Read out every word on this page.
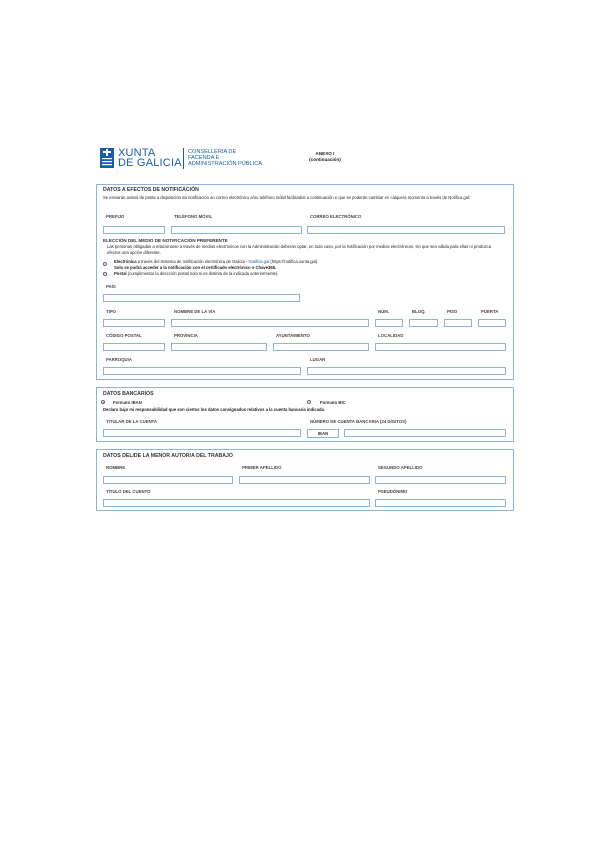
XUNTA
DE GALICIA
CONSELLERÍA DE
FACENDA E
ADMINISTRACIÓN PÚBLICA
ANEXO I
(continuación)
DATOS A EFECTOS DE NOTIFICACIÓN
Se enviarán avisos de posta a disposición da notificación ao correo electrónico e/ou teléfono móbil facilitados a continuación e que se poderán cambiar en calquera momento a través de Notifica.gal:
PREFIJO	TELÉFONO MÓVIL	CORREO ELECTRÓNICO
ELECCIÓN DEL MEDIO DE NOTIFICACIÓN PREFERENTE
Las personas obligadas a relacionarse a través de medios electrónicos con la Administración deberán optar, en todo caso, por la notificación por medios electrónicos, sin que sea válida para ellas ni produzca efectos una opción diferente.
Electrónica a través del Sistema de notificación electrónica de Galicia - Notifica.gal (https://notifica.xunta.gal).
Solo se podrá acceder a la notificación con el certificado electrónico o Chave365.
Postal (cumplimentar la dirección postal solo si es distinta de la indicada anteriormente).
PAÍS
TIPO	NOMBRE DE LA VÍA	NÚM.	BLOQ.	PISO	PUERTA
CÓDIGO POSTAL	PROVINCIA	AYUNTAMIENTO	LOCALIDAD
PARROQUIA	LUGAR
DATOS BANCARIOS
Formato IBAN	Formato BIC
Declaro bajo mi responsabilidad que son ciertos los datos consignados relativos a la cuenta bancaria indicada.
TITULAR DE LA CUENTA	NÚMERO DE CUENTA BANCARIA (24 DÍGITOS)
IBAN
DATOS DEL/DE LA MENOR AUTOR/A DEL TRABAJO
NOMBRE	PRIMER APELLIDO	SEGUNDO APELLIDO
TÍTULO DEL CUENTO	PSEUDÓNIMO
